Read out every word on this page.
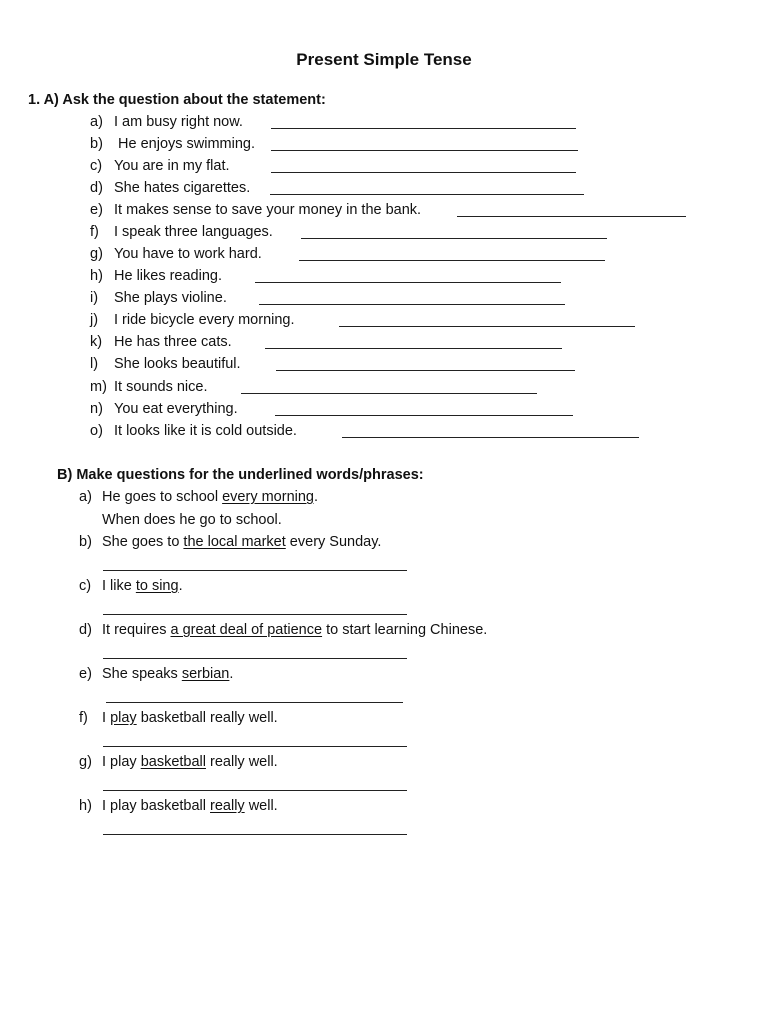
Present Simple Tense
1. A) Ask the question about the statement:
a) I am busy right now.
b) He enjoys swimming.
c) You are in my flat.
d) She hates cigarettes.
e) It makes sense to save your money in the bank.
f) I speak three languages.
g) You have to work hard.
h) He likes reading.
i) She plays violine.
j) I ride bicycle every morning.
k) He has three cats.
l) She looks beautiful.
m) It sounds nice.
n) You eat everything.
o) It looks like it is cold outside.
B) Make questions for the underlined words/phrases:
a) He goes to school every morning.
When does he go to school.
b) She goes to the local market every Sunday.
c) I like to sing.
d) It requires a great deal of patience to start learning Chinese.
e) She speaks serbian.
f) I play basketball really well.
g) I play basketball really well.
h) I play basketball really well.
